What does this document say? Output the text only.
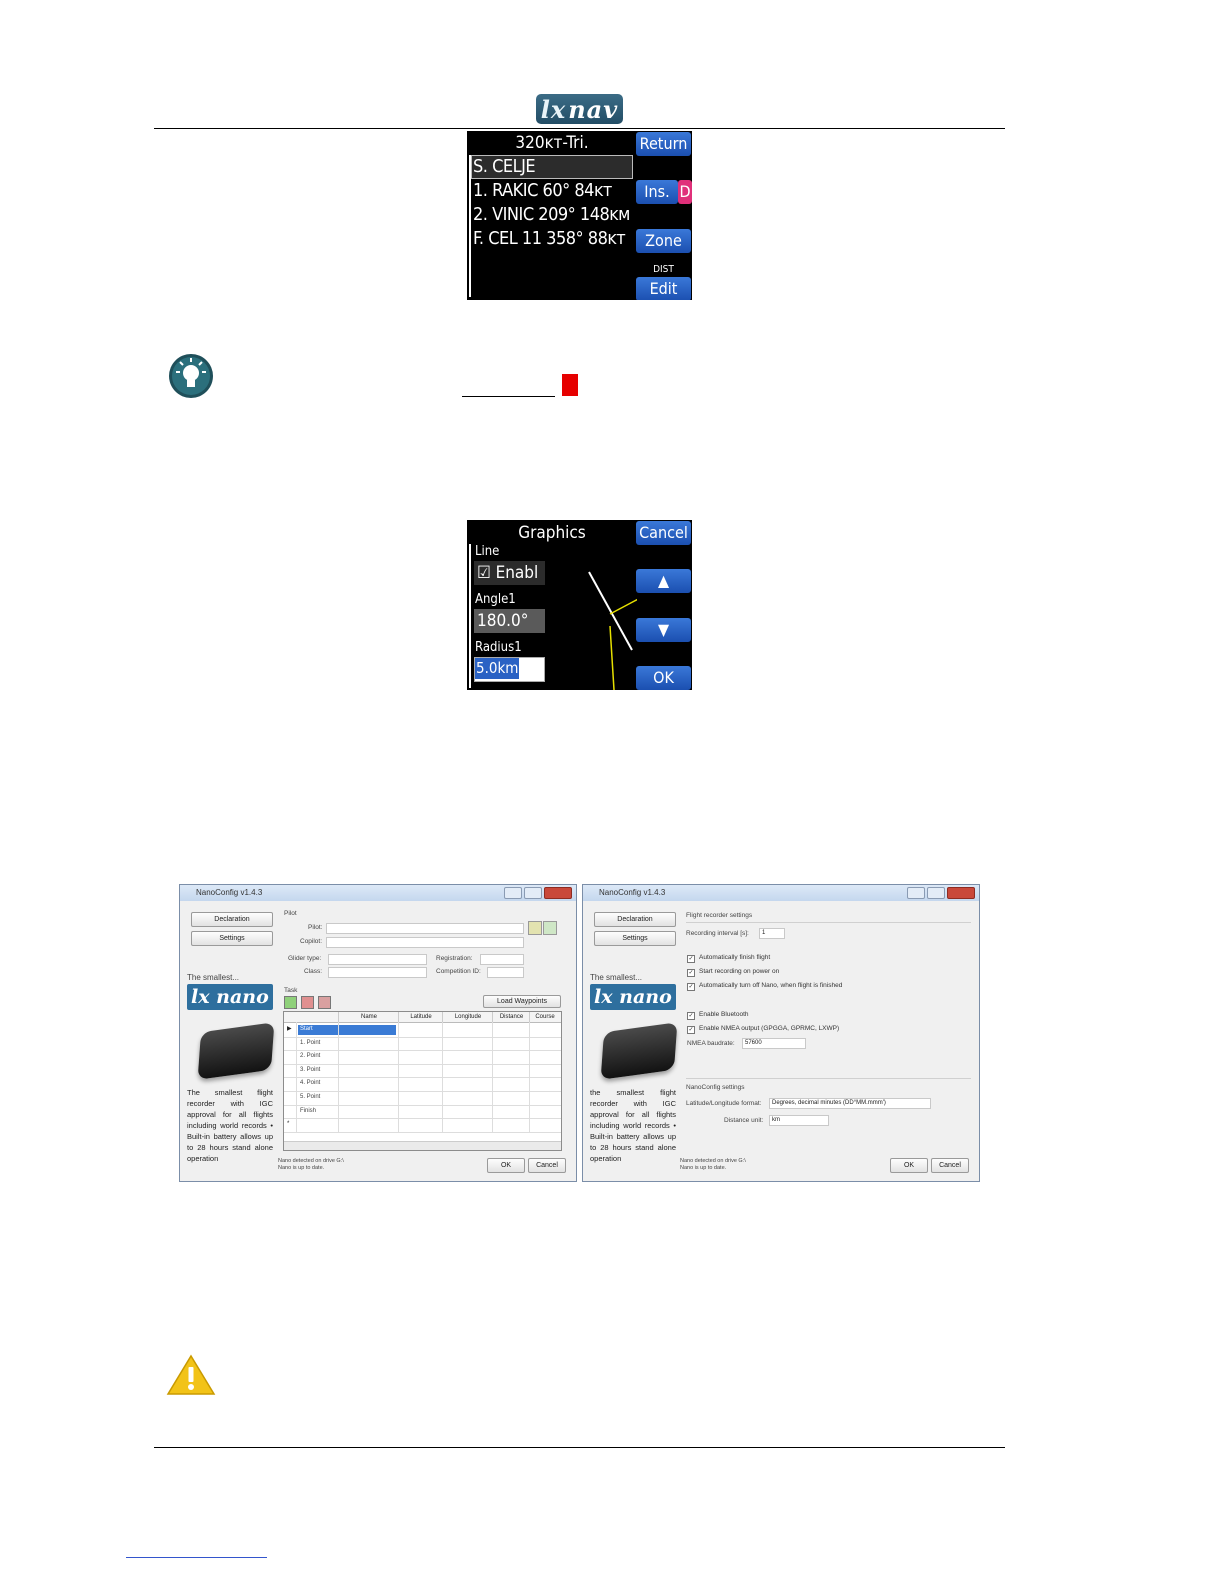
lx nav
320ᴋᴛ-Tri.
S. CELJE
1. RAKIC 60° 84ᴋᴛ
2. VINIC 209° 148ᴋᴍ
F. CEL 11 358° 88ᴋᴛ
Return
Ins. D
Zone
DIST
Edit
Graphics	Cancel
Line
☑ Enabl
Angle1
180.0°
Radius1
5.0km
▲
▼
OK
NanoConfig v1.4.3
Declaration
Settings
The smallest...
lx nano
The smallest flight recorder with IGC approval for all flights including world records • Built-in battery allows up to 28 hours stand alone operation
Pilot
Pilot:
Copilot:
Glider type:
Class:
Registration:
Competition ID:
Task
Load Waypoints
Name	Latitude	Longitude	Distance	Course
Start
1. Point
2. Point
3. Point
4. Point
5. Point
Finish
▶
*
Nano detected on drive G:\
Nano is up to date.	OK	Cancel
NanoConfig v1.4.3
Declaration
Settings
The smallest...
lx nano
the smallest flight recorder with IGC approval for all flights including world records • Built-in battery allows up to 28 hours stand alone operation
Flight recorder settings
Recording interval [s]:	1
✓ Automatically finish flight
✓ Start recording on power on
✓ Automatically turn off Nano, when flight is finished
✓ Enable Bluetooth
✓ Enable NMEA output (GPGGA, GPRMC, LXWP)
NMEA baudrate:	57600
NanoConfig settings
Latitude/Longitude format:	Degrees, decimal minutes (DD°MM.mmm')
Distance unit:	km
Nano detected on drive G:\
Nano is up to date.	OK	Cancel
